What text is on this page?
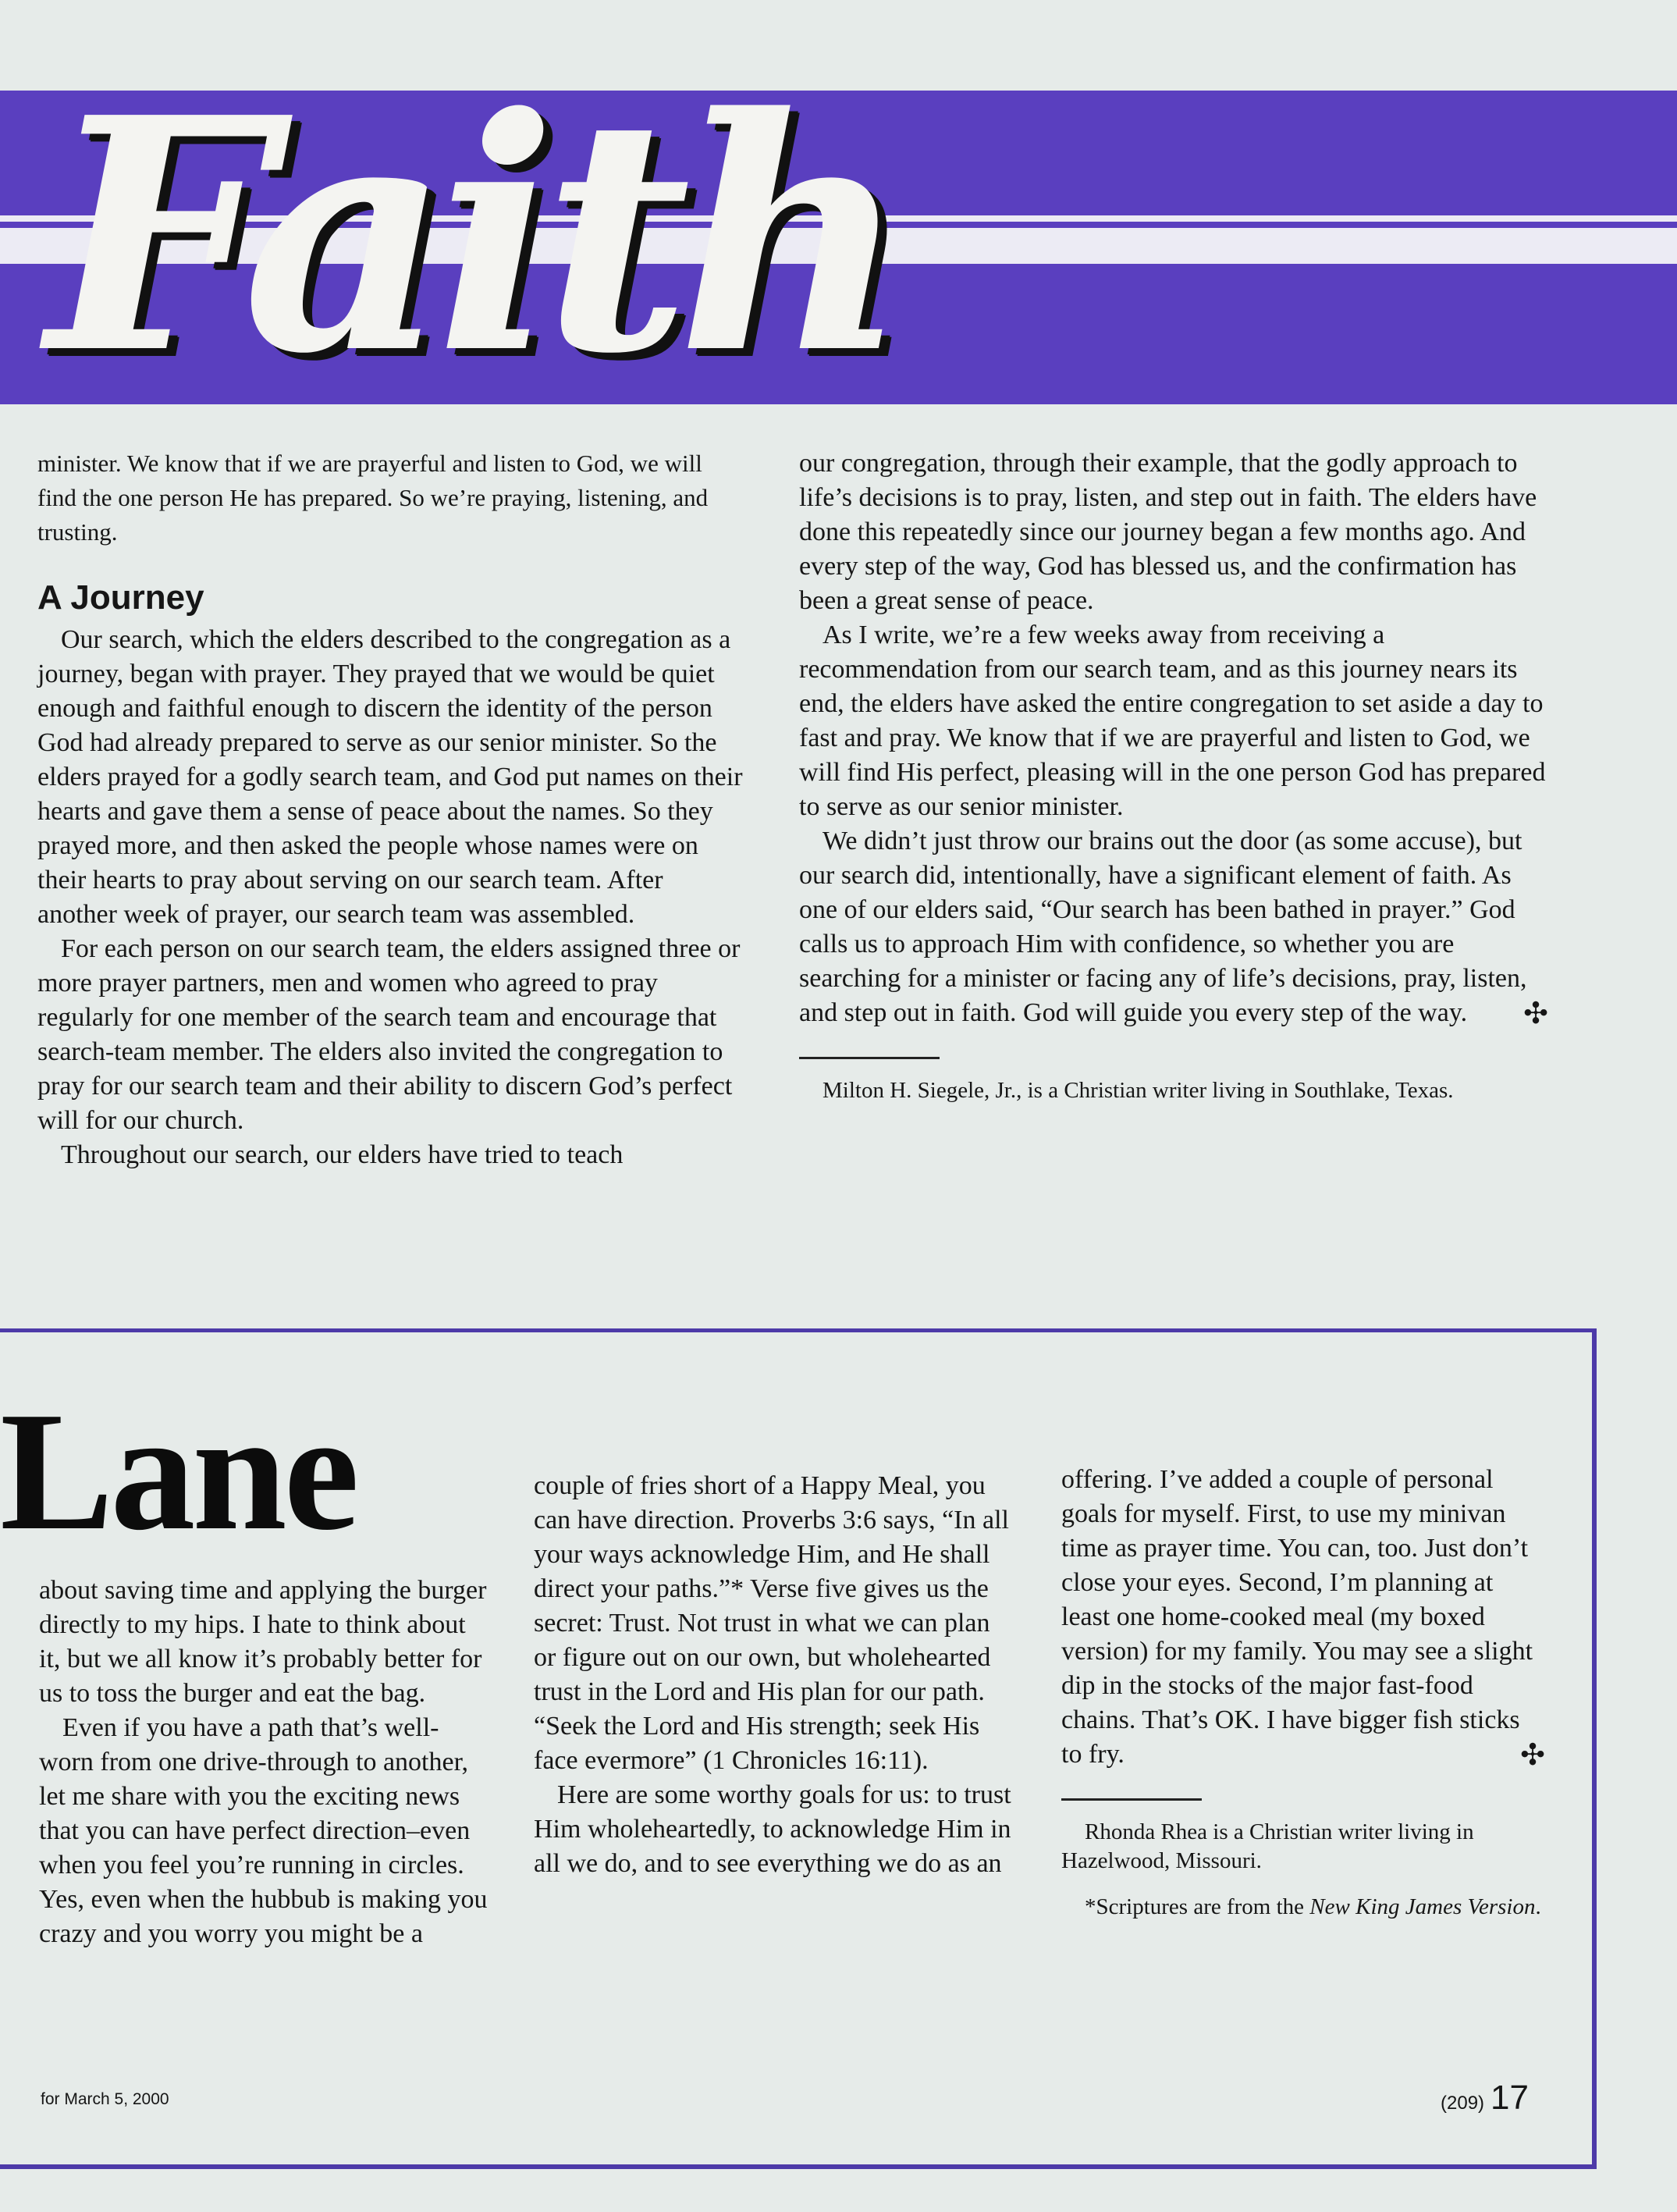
Faith

minister. We know that if we are prayerful and listen to God, we will find the one person He has prepared. So we’re praying, listening, and trusting.

A Journey

Our search, which the elders described to the congregation as a journey, began with prayer. They prayed that we would be quiet enough and faithful enough to discern the identity of the person God had already prepared to serve as our senior minister. So the elders prayed for a godly search team, and God put names on their hearts and gave them a sense of peace about the names. So they prayed more, and then asked the people whose names were on their hearts to pray about serving on our search team. After another week of prayer, our search team was assembled.

For each person on our search team, the elders assigned three or more prayer partners, men and women who agreed to pray regularly for one member of the search team and encourage that search-team member. The elders also invited the congregation to pray for our search team and their ability to discern God’s perfect will for our church.

Throughout our search, our elders have tried to teach

our congregation, through their example, that the godly approach to life’s decisions is to pray, listen, and step out in faith. The elders have done this repeatedly since our journey began a few months ago. And every step of the way, God has blessed us, and the confirmation has been a great sense of peace.

As I write, we’re a few weeks away from receiving a recommendation from our search team, and as this journey nears its end, the elders have asked the entire congregation to set aside a day to fast and pray. We know that if we are prayerful and listen to God, we will find His perfect, pleasing will in the one person God has prepared to serve as our senior minister.

We didn’t just throw our brains out the door (as some accuse), but our search did, intentionally, have a significant element of faith. As one of our elders said, “Our search has been bathed in prayer.” God calls us to approach Him with confidence, so whether you are searching for a minister or facing any of life’s decisions, pray, listen, and step out in faith. God will guide you every step of the way.	✣

Milton H. Siegele, Jr., is a Christian writer living in Southlake, Texas.

Lane

about saving time and applying the burger directly to my hips. I hate to think about it, but we all know it’s probably better for us to toss the burger and eat the bag.

Even if you have a path that’s well-worn from one drive-through to another, let me share with you the exciting news that you can have perfect direction–even when you feel you’re running in circles. Yes, even when the hubbub is making you crazy and you worry you might be a

couple of fries short of a Happy Meal, you can have direction. Proverbs 3:6 says, “In all your ways acknowledge Him, and He shall direct your paths.”* Verse five gives us the secret: Trust. Not trust in what we can plan or figure out on our own, but wholehearted trust in the Lord and His plan for our path. “Seek the Lord and His strength; seek His face evermore” (1 Chronicles 16:11).

Here are some worthy goals for us: to trust Him wholeheartedly, to acknowledge Him in all we do, and to see everything we do as an

offering. I’ve added a couple of personal goals for myself. First, to use my minivan time as prayer time. You can, too. Just don’t close your eyes. Second, I’m planning at least one home-cooked meal (my boxed version) for my family. You may see a slight dip in the stocks of the major fast-food chains. That’s OK. I have bigger fish sticks to fry.	✣

Rhonda Rhea is a Christian writer living in Hazelwood, Missouri.

*Scriptures are from the New King James Version.

for March 5, 2000	(209) 17
